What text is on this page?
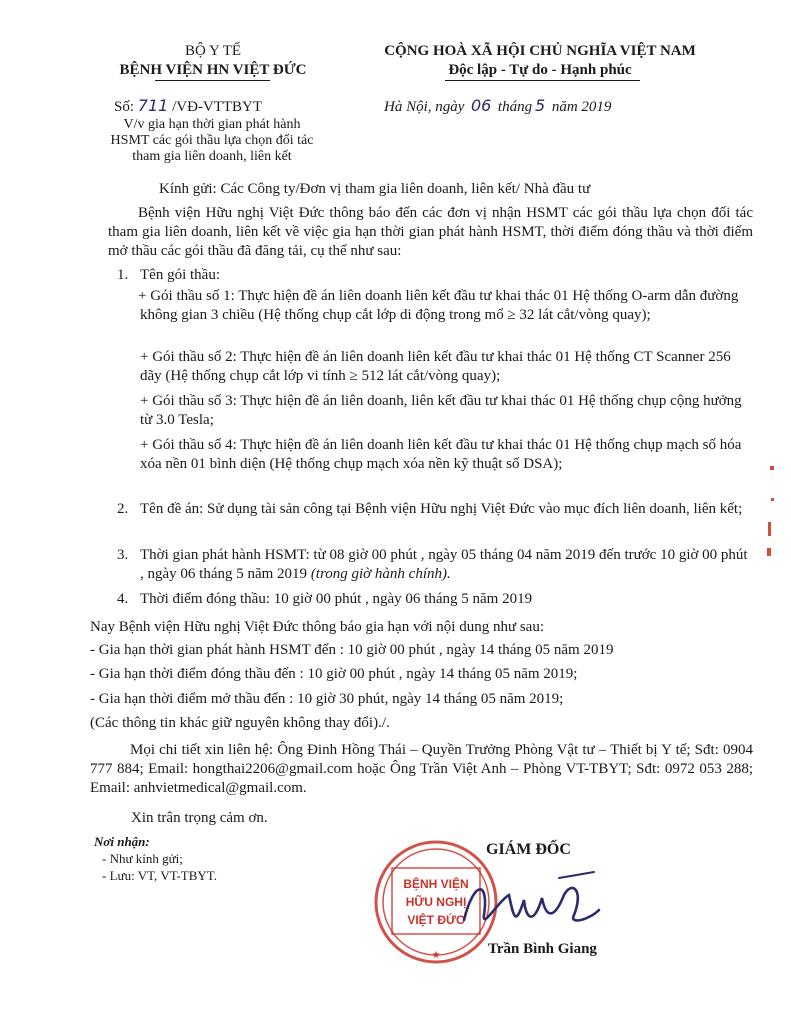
BỘ Y TẾ
BỆNH VIỆN HN VIỆT ĐỨC
Số: 711 /VĐ-VTTBYT
V/v gia hạn thời gian phát hành
HSMT các gói thầu lựa chọn đối tác
tham gia liên doanh, liên kết
CỘNG HOÀ XÃ HỘI CHỦ NGHĨA VIỆT NAM
Độc lập - Tự do - Hạnh phúc
Hà Nội, ngày 06 tháng 5 năm 2019
Kính gửi: Các Công ty/Đơn vị tham gia liên doanh, liên kết/ Nhà đầu tư
Bệnh viện Hữu nghị Việt Đức thông báo đến các đơn vị nhận HSMT các gói thầu lựa chọn đối tác tham gia liên doanh, liên kết về việc gia hạn thời gian phát hành HSMT, thời điểm đóng thầu và thời điểm mở thầu các gói thầu đã đăng tải, cụ thể như sau:
1. Tên gói thầu:
+ Gói thầu số 1: Thực hiện đề án liên doanh liên kết đầu tư khai thác 01 Hệ thống O-arm dẫn đường không gian 3 chiều (Hệ thống chụp cắt lớp di động trong mổ ≥ 32 lát cắt/vòng quay);
+ Gói thầu số 2: Thực hiện đề án liên doanh liên kết đầu tư khai thác 01 Hệ thống CT Scanner 256 dãy (Hệ thống chụp cắt lớp vi tính ≥ 512 lát cắt/vòng quay);
+ Gói thầu số 3: Thực hiện đề án liên doanh, liên kết đầu tư khai thác 01 Hệ thống chụp cộng hưởng từ 3.0 Tesla;
+ Gói thầu số 4: Thực hiện đề án liên doanh liên kết đầu tư khai thác 01 Hệ thống chụp mạch số hóa xóa nền 01 bình diện (Hệ thống chụp mạch xóa nền kỹ thuật số DSA);
2. Tên đề án: Sử dụng tài sản công tại Bệnh viện Hữu nghị Việt Đức vào mục đích liên doanh, liên kết;
3. Thời gian phát hành HSMT: từ 08 giờ 00 phút , ngày 05 tháng 04 năm 2019 đến trước 10 giờ 00 phút , ngày 06 tháng 5 năm 2019 (trong giờ hành chính).
4. Thời điểm đóng thầu: 10 giờ 00 phút , ngày 06 tháng 5 năm 2019
Nay Bệnh viện Hữu nghị Việt Đức thông báo gia hạn với nội dung như sau:
- Gia hạn thời gian phát hành HSMT đến : 10 giờ 00 phút , ngày 14 tháng 05 năm 2019
- Gia hạn thời điểm đóng thầu đến : 10 giờ 00 phút , ngày 14 tháng 05 năm 2019;
- Gia hạn thời điểm mở thầu đến : 10 giờ 30 phút, ngày 14 tháng 05 năm 2019;
(Các thông tin khác giữ nguyên không thay đổi)./.
Mọi chi tiết xin liên hệ: Ông Đinh Hồng Thái – Quyền Trưởng Phòng Vật tư – Thiết bị Y tế; Sđt: 0904 777 884; Email: hongthai2206@gmail.com hoặc Ông Trần Việt Anh – Phòng VT-TBYT; Sđt: 0972 053 288; Email: anhvietmedical@gmail.com.
Xin trân trọng cảm ơn.
Nơi nhận:
- Như kính gửi;
- Lưu: VT, VT-TBYT.
BỆNH VIỆN
HỮU NGHỊ
VIỆT ĐỨC
★
GIÁM ĐỐC
Trần Bình Giang
